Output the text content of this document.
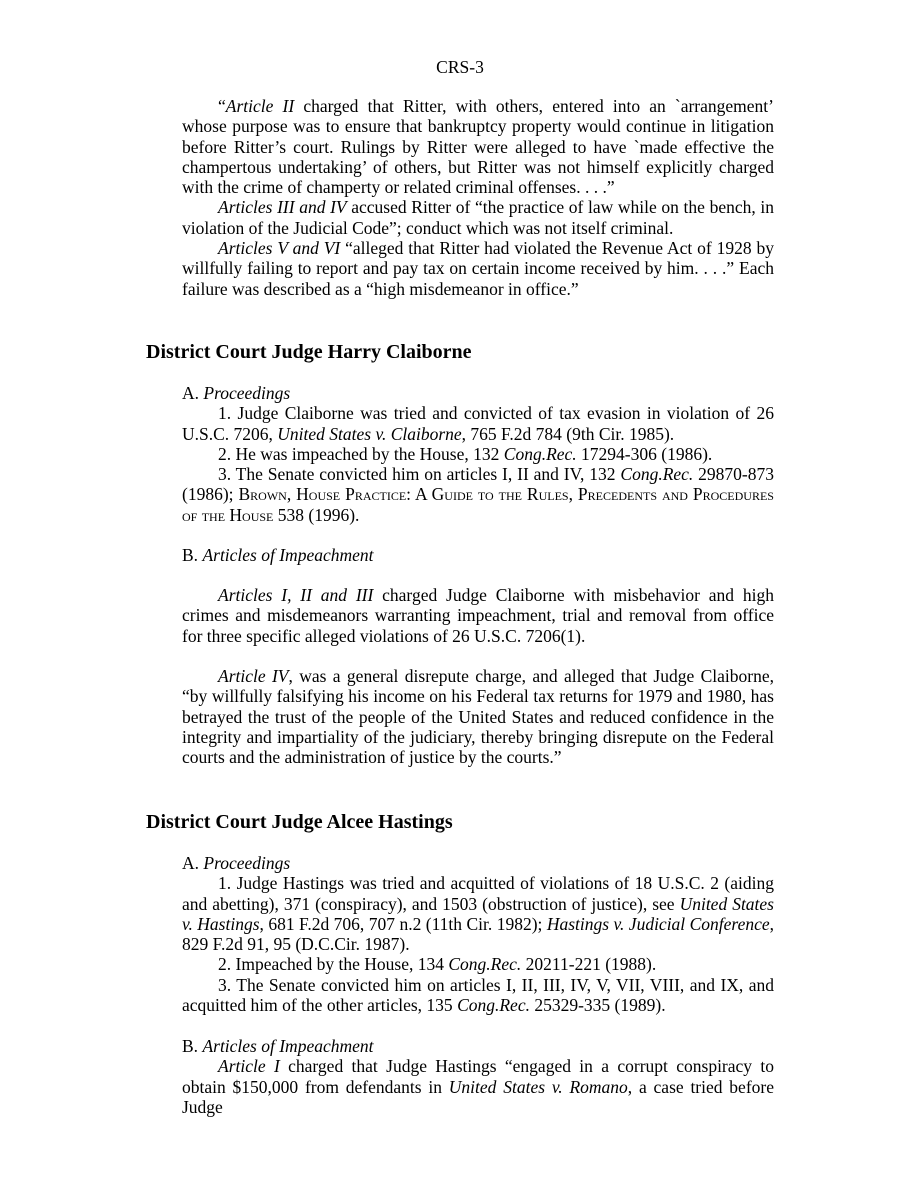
CRS-3

“Article II charged that Ritter, with others, entered into an `arrangement’ whose purpose was to ensure that bankruptcy property would continue in litigation before Ritter’s court. Rulings by Ritter were alleged to have `made effective the champertous undertaking’ of others, but Ritter was not himself explicitly charged with the crime of champerty or related criminal offenses. . . .”

Articles III and IV accused Ritter of “the practice of law while on the bench, in violation of the Judicial Code”; conduct which was not itself criminal.

Articles V and VI “alleged that Ritter had violated the Revenue Act of 1928 by willfully failing to report and pay tax on certain income received by him. . . .” Each failure was described as a “high misdemeanor in office.”

District Court Judge Harry Claiborne

A. Proceedings

1. Judge Claiborne was tried and convicted of tax evasion in violation of 26 U.S.C. 7206, United States v. Claiborne, 765 F.2d 784 (9th Cir. 1985).

2. He was impeached by the House, 132 Cong.Rec. 17294-306 (1986).

3. The Senate convicted him on articles I, II and IV, 132 Cong.Rec. 29870-873 (1986); Brown, House Practice: A Guide to the Rules, Precedents and Procedures of the House 538 (1996).

B. Articles of Impeachment

Articles I, II and III charged Judge Claiborne with misbehavior and high crimes and misdemeanors warranting impeachment, trial and removal from office for three specific alleged violations of 26 U.S.C. 7206(1).

Article IV, was a general disrepute charge, and alleged that Judge Claiborne, “by willfully falsifying his income on his Federal tax returns for 1979 and 1980, has betrayed the trust of the people of the United States and reduced confidence in the integrity and impartiality of the judiciary, thereby bringing disrepute on the Federal courts and the administration of justice by the courts.”

District Court Judge Alcee Hastings

A. Proceedings

1. Judge Hastings was tried and acquitted of violations of 18 U.S.C. 2 (aiding and abetting), 371 (conspiracy), and 1503 (obstruction of justice), see United States v. Hastings, 681 F.2d 706, 707 n.2 (11th Cir. 1982); Hastings v. Judicial Conference, 829 F.2d 91, 95 (D.C.Cir. 1987).

2. Impeached by the House, 134 Cong.Rec. 20211-221 (1988).

3. The Senate convicted him on articles I, II, III, IV, V, VII, VIII, and IX, and acquitted him of the other articles, 135 Cong.Rec. 25329-335 (1989).

B. Articles of Impeachment

Article I charged that Judge Hastings “engaged in a corrupt conspiracy to obtain $150,000 from defendants in United States v. Romano, a case tried before Judge
